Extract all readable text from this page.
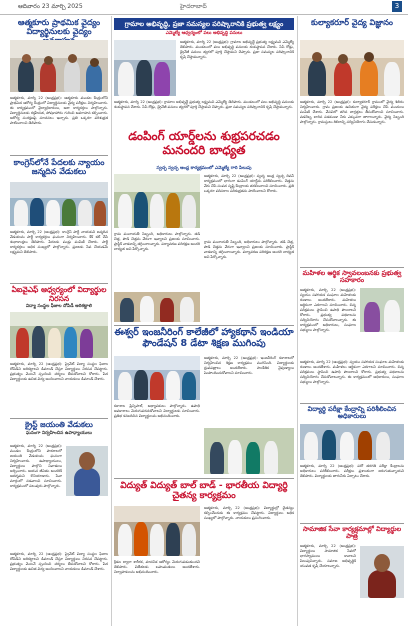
ఆదివారం 23 మార్చి 2025	హైదరాబాద్	3
ఆత్మకూరు ప్రాథమిక వైద్యం విద్యార్థినులకు వైద్యం
ఆత్మకూరు, మార్చి 22 (ఆంధ్రప్రభ): ఆత్మకూరు మండల కేంద్రంలోని ప్రాథమిక ఆరోగ్య కేంద్రంలో విద్యార్థినులకు వైద్య పరీక్షలు నిర్వహించారు. ఈ కార్యక్రమంలో వైద్యాధికారులు, ఆశా కార్యకర్తలు పాల్గొన్నారు. విద్యార్థినులకు రక్తహీనత, పోషకాహారం గురించి అవగాహన కల్పించారు. ఆరోగ్య సంరక్షణపై సూచనలు ఇచ్చారు. ప్రతి ఒక్కరూ పరిశుభ్రత పాటించాలని తెలిపారు.
కాంగ్రెస్‌లోనే పేదలకు న్యాయం జన్మదిన వేడుకలు
ఆత్మకూరు, మార్చి 22 (ఆంధ్రప్రభ): కాంగ్రెస్ పార్టీ నాయకుని జన్మదిన వేడుకలను పార్టీ కార్యకర్తలు ఘనంగా నిర్వహించారు. కేక్ కట్ చేసి శుభాకాంక్షలు తెలిపారు. పేదలకు పండ్లు పంపిణీ చేశారు. పార్టీ కార్యకర్తలు అధిక సంఖ్యలో పాల్గొన్నారు. ప్రజలకు సేవ చేయడమే లక్ష్యమని తెలిపారు.
ఏఐవైఎఫ్ ఆధ్వర్యంలో విద్యార్థుల నిరసన
విద్యా సంస్థల ఫీజుల దోపిడీ అరికట్టాలి
ఆత్మకూరు, మార్చి 22 (ఆంధ్రప్రభ): ప్రైవేట్ విద్యా సంస్థల ఫీజుల దోపిడీని అరికట్టాలని డిమాండ్ చేస్తూ విద్యార్థులు నిరసన చేపట్టారు. ప్రభుత్వం వెంటనే స్పందించి చర్యలు తీసుకోవాలని కోరారు. పేద విద్యార్థులకు ఉచిత విద్య అందించాలని నాయకులు డిమాండ్ చేశారు.
క్రైస్ట్ జయంతి వేడుకలు
ఘనంగా నిర్వహించిన ఉపాధ్యాయులు
ఆత్మకూరు, మార్చి 22 (ఆంధ్రప్రభ): మండల కేంద్రంలోని పాఠశాలలో జయంతి వేడుకలను ఘనంగా నిర్వహించారు. ఉపాధ్యాయులు, విద్యార్థులు పాల్గొని నివాళులు అర్పించారు. ఆయన జీవితం అందరికీ ఆదర్శమని కొనియాడారు. సేవా మార్గంలో నడవాలని సూచించారు. కార్యక్రమంలో పలువురు పాల్గొన్నారు.
ఆత్మకూరు, మార్చి 22 (ఆంధ్రప్రభ): ప్రైవేట్ విద్యా సంస్థల ఫీజుల దోపిడీని అరికట్టాలని డిమాండ్ చేస్తూ విద్యార్థులు నిరసన చేపట్టారు. ప్రభుత్వం వెంటనే స్పందించి చర్యలు తీసుకోవాలని కోరారు. పేద విద్యార్థులకు ఉచిత విద్య అందించాలని నాయకులు డిమాండ్ చేశారు.
గ్రామాల అభివృద్ధి, ప్రజా సమస్యల పరిష్కారానికి ప్రభుత్వ లక్ష్యం
ఎమ్మెల్యే ఆధ్వర్యంలో పలు అభివృద్ధి పనులు
ఆత్మకూరు, మార్చి 22 (ఆంధ్రప్రభ): గ్రామాల అభివృద్ధే ప్రభుత్వ లక్ష్యమని ఎమ్మెల్యే తెలిపారు. మండలంలో పలు అభివృద్ధి పనులకు శంకుస్థాపన చేశారు. సీసీ రోడ్లు, డ్రైనేజీ పనులు త్వరలో పూర్తి చేస్తామని చెప్పారు. ప్రజా సమస్యల పరిష్కారానికి కృషి చేస్తామన్నారు.
ఆత్మకూరు, మార్చి 22 (ఆంధ్రప్రభ): గ్రామాల అభివృద్ధే ప్రభుత్వ లక్ష్యమని ఎమ్మెల్యే తెలిపారు. మండలంలో పలు అభివృద్ధి పనులకు శంకుస్థాపన చేశారు. సీసీ రోడ్లు, డ్రైనేజీ పనులు త్వరలో పూర్తి చేస్తామని చెప్పారు. ప్రజా సమస్యల పరిష్కారానికి కృషి చేస్తామన్నారు.
డంపింగ్ యార్డ్‌లను శుభ్రపరచడం మనందరి బాధ్యత
స్వచ్ఛ స్వచ్ఛ ఆంధ్ర కార్యక్రమంలో ఎమ్మెల్యే గారి పిలుపు
ఆత్మకూరు, మార్చి 22 (ఆంధ్రప్రభ): స్వచ్ఛ ఆంధ్ర స్వచ్ఛ దివస్ కార్యక్రమంలో భాగంగా డంపింగ్ యార్డ్‌ను పరిశీలించారు. చెత్తను వేరు చేసి సంపద సృష్టి కేంద్రాలకు తరలించాలని సూచించారు. ప్రతి ఒక్కరూ పరిసరాల పరిశుభ్రతను పాటించాలని కోరారు.
గ్రామ పంచాయతీ సిబ్బంది, అధికారులు పాల్గొన్నారు. తడి చెత్త, పొడి చెత్తను వేరుగా ఇవ్వాలని ప్రజలకు సూచించారు. ప్లాస్టిక్ వాడకాన్ని తగ్గించాలన్నారు. పర్యావరణ పరిరక్షణ అందరి బాధ్యత అని పేర్కొన్నారు.
గ్రామ పంచాయతీ సిబ్బంది, అధికారులు పాల్గొన్నారు. తడి చెత్త, పొడి చెత్తను వేరుగా ఇవ్వాలని ప్రజలకు సూచించారు. ప్లాస్టిక్ వాడకాన్ని తగ్గించాలన్నారు. పర్యావరణ పరిరక్షణ అందరి బాధ్యత అని పేర్కొన్నారు.
ఈశ్వర్ ఇంజనీరింగ్ కాలేజీలో హ్యాకథాన్ ఇండియా ఫౌండేషన్ 8 డేటా శిక్షణ ముగింపు
ఆత్మకూరు, మార్చి 22 (ఆంధ్రప్రభ): ఇంజనీరింగ్ కళాశాలలో నిర్వహించిన శిక్షణ కార్యక్రమం ముగిసింది. విద్యార్థులకు ధ్రువపత్రాలు అందజేశారు. సాంకేతిక నైపుణ్యాలు పెంపొందించుకోవాలని సూచించారు.
కళాశాల ప్రిన్సిపాల్, అధ్యాపకులు పాల్గొన్నారు. ఉపాధి అవకాశాలు మెరుగుపరచుకోవాలని విద్యార్థులకు సూచించారు. ప్రతిభ కనబరిచిన విద్యార్థులను అభినందించారు.
విద్యుత్ విద్యుత్ బాల్ బాడ్ - భారతీయ విద్యార్థి చైతన్య కార్యక్రమం
ఆత్మకూరు, మార్చి 22 (ఆంధ్రప్రభ): విద్యార్థుల్లో చైతన్యం కల్పించేందుకు ఈ కార్యక్రమం చేపట్టారు. విద్యార్థులు అధిక సంఖ్యలో పాల్గొన్నారు. నాయకులు ప్రసంగించారు.
క్రీడల ద్వారా శారీరక, మానసిక ఆరోగ్యం మెరుగుపడుతుందని తెలిపారు. విజేతలకు బహుమతులు అందజేశారు. నిర్వాహకులను అభినందించారు.
కుల్యాకరూర్ వైద్య విజ్ఞానం
ఆత్మకూరు, మార్చి 22 (ఆంధ్రప్రభ): కుల్యాకరూర్ గ్రామంలో వైద్య శిబిరం నిర్వహించారు. గ్రామ ప్రజలకు ఉచితంగా వైద్య పరీక్షలు చేసి మందులు పంపిణీ చేశారు. వేసవిలో తగిన జాగ్రత్తలు తీసుకోవాలని సూచించారు. వడదెబ్బ బారిన పడకుండా నీరు ఎక్కువగా తాగాలన్నారు. వైద్య సిబ్బంది పాల్గొన్నారు. గ్రామస్తులు శిబిరాన్ని సద్వినియోగం చేసుకున్నారు.
మహిళల ఆర్థిక స్వావలంబనకు ప్రభుత్వ సహకారం
ఆత్మకూరు, మార్చి 22 (ఆంధ్రప్రభ): స్వయం సహాయక సంఘాల మహిళలకు రుణాలు అందజేశారు. మహిళలు ఆర్థికంగా ఎదగాలని సూచించారు. చిన్న పరిశ్రమలు స్థాపించి ఉపాధి పొందాలని కోరారు. ప్రభుత్వ పథకాలను సద్వినియోగం చేసుకోవాలన్నారు. ఈ కార్యక్రమంలో అధికారులు, సంఘాల సభ్యులు పాల్గొన్నారు.
ఆత్మకూరు, మార్చి 22 (ఆంధ్రప్రభ): స్వయం సహాయక సంఘాల మహిళలకు రుణాలు అందజేశారు. మహిళలు ఆర్థికంగా ఎదగాలని సూచించారు. చిన్న పరిశ్రమలు స్థాపించి ఉపాధి పొందాలని కోరారు. ప్రభుత్వ పథకాలను సద్వినియోగం చేసుకోవాలన్నారు. ఈ కార్యక్రమంలో అధికారులు, సంఘాల సభ్యులు పాల్గొన్నారు.
విద్యార్థి పరీక్షా కేంద్రాన్ని పరిశీలించిన అధికారులు
ఆత్మకూరు, మార్చి 22 (ఆంధ్రప్రభ): పదో తరగతి పరీక్షా కేంద్రాలను అధికారులు పరిశీలించారు. పరీక్షలు ప్రశాంతంగా జరుగుతున్నాయని తెలిపారు. విద్యార్థులకు తాగునీరు ఏర్పాటు చేశారు.
సామాజిక సేవా కార్యక్రమాల్లో విద్యార్థుల పాత్ర
ఆత్మకూరు, మార్చి 22 (ఆంధ్రప్రభ): విద్యార్థులు సామాజిక సేవలో భాగస్వాములు కావాలని పిలుపునిచ్చారు. సమాజ అభివృద్ధికి యువత కృషి చేయాలన్నారు.
